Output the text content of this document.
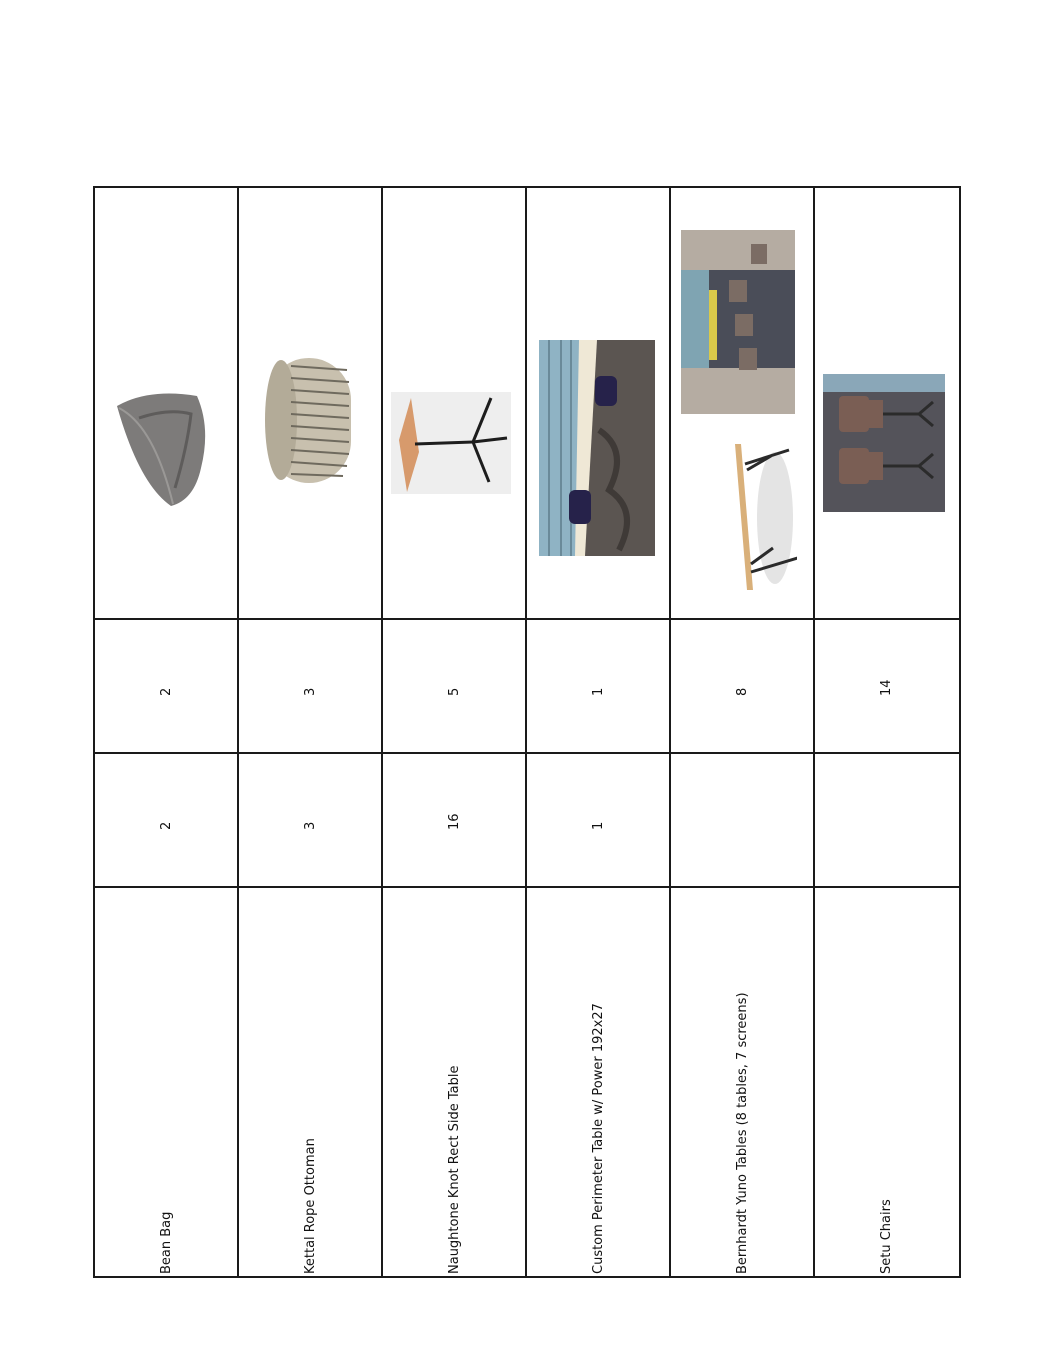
2
2
Bean Bag
3
3
Kettal Rope Ottoman
5
16
Naughtone Knot Rect Side Table
1
1
Custom Perimeter Table w/ Power 192x27
8
Bernhardt Yuno Tables (8 tables, 7 screens)
14
Setu Chairs
